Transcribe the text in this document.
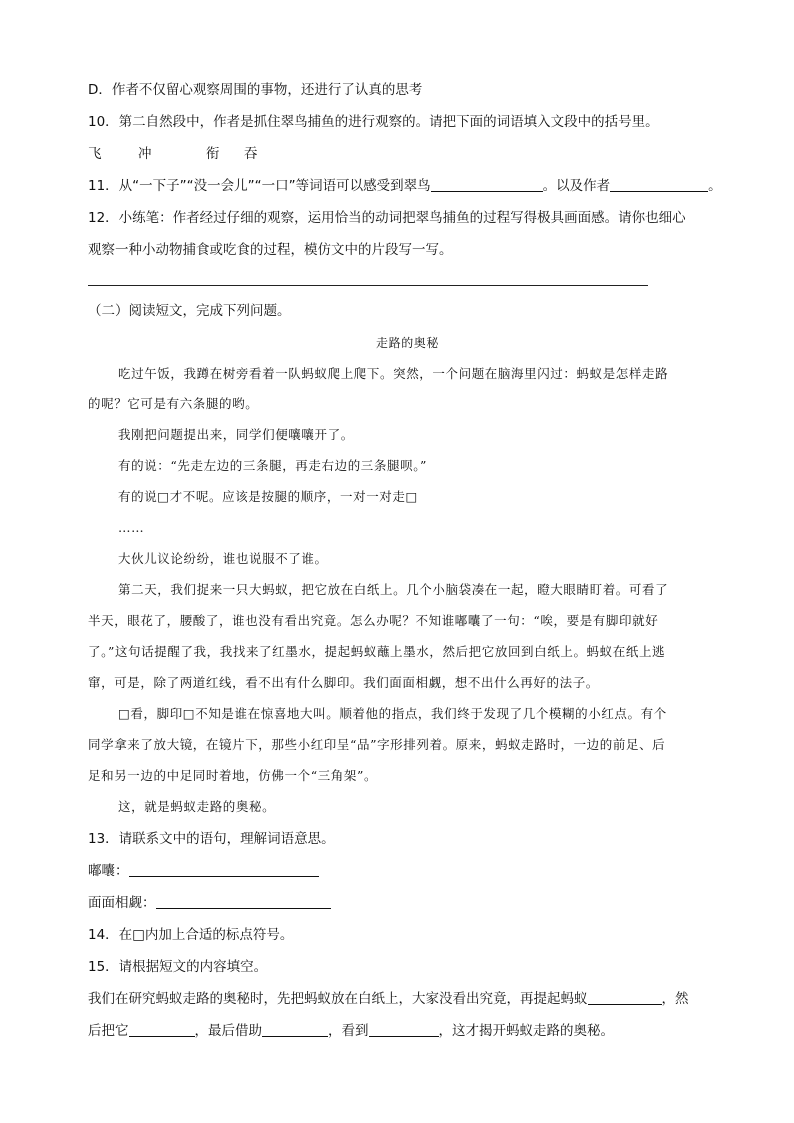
D．作者不仅留心观察周围的事物，还进行了认真的思考
10．第二自然段中，作者是抓住翠鸟捕鱼的进行观察的。请把下面的词语填入文段中的括号里。
飞	冲	衔 吞
11．从“一下子”“没一会儿”“一口”等词语可以感受到翠鸟	。以及作者	。
12．小练笔：作者经过仔细的观察，运用恰当的动词把翠鸟捕鱼的过程写得极具画面感。请你也细心
观察一种小动物捕食或吃食的过程，模仿文中的片段写一写。
（二）阅读短文，完成下列问题。
走路的奥秘
吃过午饭，我蹲在树旁看着一队蚂蚁爬上爬下。突然，一个问题在脑海里闪过：蚂蚁是怎样走路
的呢？它可是有六条腿的哟。
我刚把问题提出来，同学们便嚷嚷开了。
有的说：“先走左边的三条腿，再走右边的三条腿呗。”
有的说□才不呢。应该是按腿的顺序，一对一对走□
……
大伙儿议论纷纷，谁也说服不了谁。
第二天，我们捉来一只大蚂蚁，把它放在白纸上。几个小脑袋凑在一起，瞪大眼睛盯着。可看了
半天，眼花了，腰酸了，谁也没有看出究竟。怎么办呢？不知谁嘟囔了一句：“唉，要是有脚印就好
了。”这句话提醒了我，我找来了红墨水，提起蚂蚁蘸上墨水，然后把它放回到白纸上。蚂蚁在纸上逃
窜，可是，除了两道红线，看不出有什么脚印。我们面面相觑，想不出什么再好的法子。
□看，脚印□不知是谁在惊喜地大叫。顺着他的指点，我们终于发现了几个模糊的小红点。有个
同学拿来了放大镜，在镜片下，那些小红印呈“品”字形排列着。原来，蚂蚁走路时，一边的前足、后
足和另一边的中足同时着地，仿佛一个“三角架”。
这，就是蚂蚁走路的奥秘。
13．请联系文中的语句，理解词语意思。
嘟囔：
面面相觑：
14．在□内加上合适的标点符号。
15．请根据短文的内容填空。
我们在研究蚂蚁走路的奥秘时，先把蚂蚁放在白纸上，大家没看出究竟，再提起蚂蚁	，然
后把它	，最后借助	，看到	，这才揭开蚂蚁走路的奥秘。
